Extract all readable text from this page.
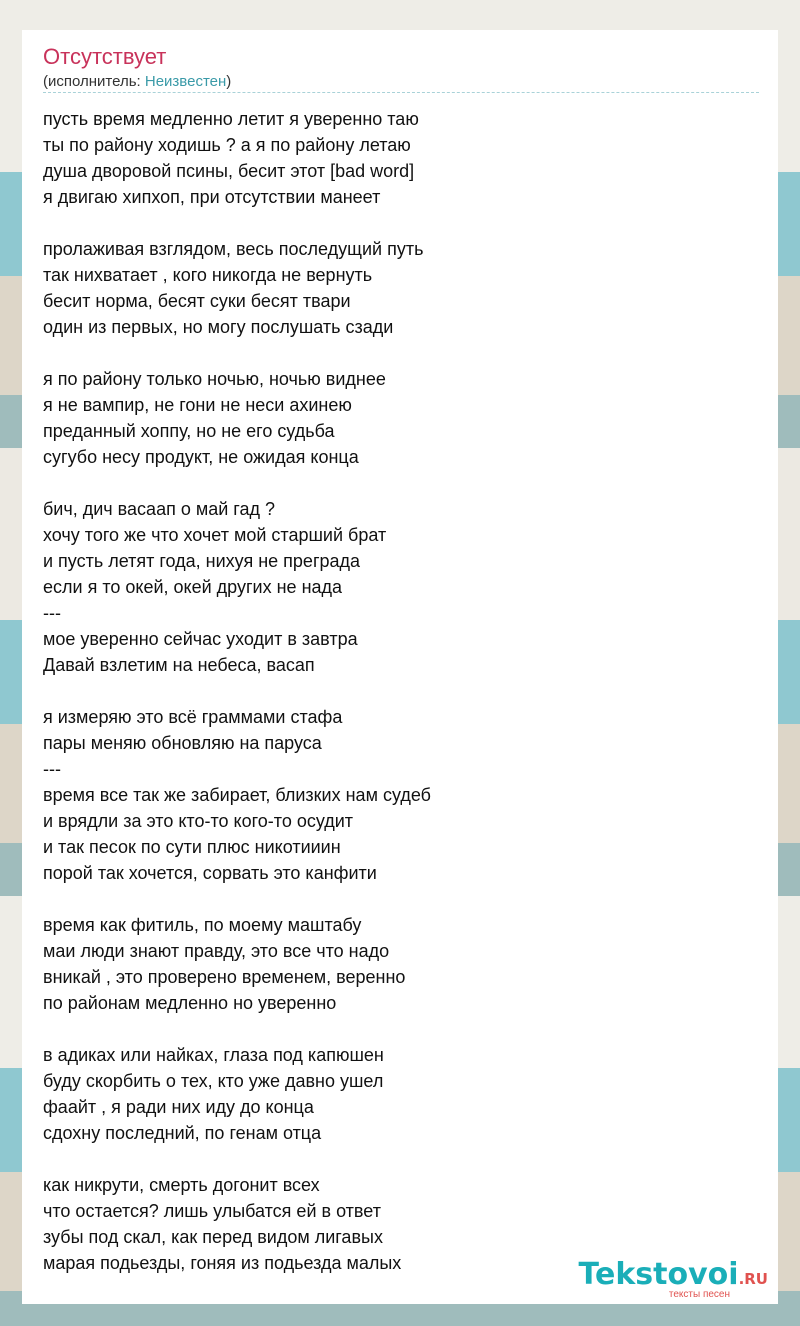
Отсутствует
(исполнитель: Неизвестен)
пусть время медленно летит я уверенно таю
ты по району ходишь ? а я по району летаю
душа дворовой псины, бесит этот [bad word]
я двигаю хипхоп, при отсутствии манеет

пролаживая взглядом, весь последущий путь
так нихватает , кого никогда не вернуть
бесит норма, бесят суки бесят твари
один из первых, но могу послушать сзади

я по району только ночью, ночью виднее
я не вампир, не гони не неси ахинею
преданный хоппу, но не его судьба
сугубо несу продукт, не ожидая конца

бич, дич васаап о май гад ?
хочу того же что хочет мой старший брат
и пусть летят года, нихуя не преграда
если я то окей, окей других не нада
---
мое уверенно сейчас уходит в завтра
Давай взлетим на небеса, васап

я измеряю это всё граммами стафа
пары меняю обновляю на паруса
---
время все так же забирает, близких нам судеб
и врядли за это кто-то кого-то осудит
и так песок по сути плюс никотииин
порой так хочется, сорвать это канфити

время как фитиль, по моему маштабу
маи люди знают правду, это все что надо
вникай , это проверено временем, веренно
по районам медленно но уверенно

в адиках или найках, глаза под капюшен
буду скорбить о тех, кто уже давно ушел
фаайт , я ради них иду до конца
сдохну последний, по генам отца

как никрути, смерть догонит всех
что остается? лишь улыбатся ей в ответ
зубы под скал, как перед видом лигавых
марая подьезды, гоняя из подьезда малых	Tekstovoi.RU
тексты песен
